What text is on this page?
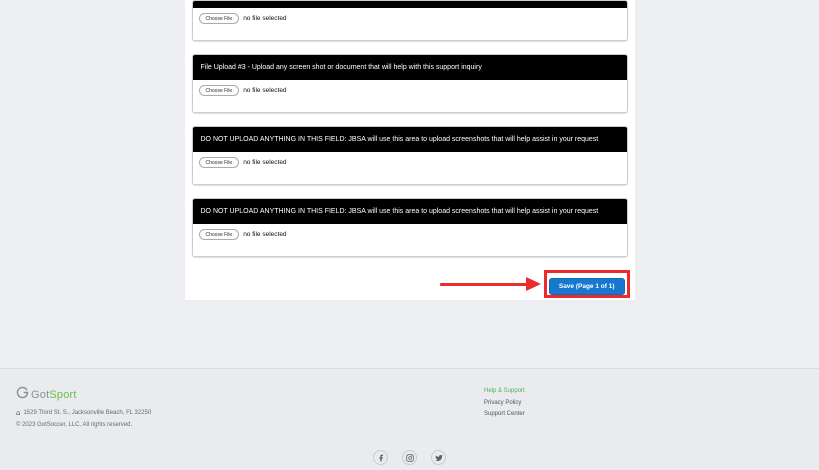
Choose File	no file selected
File Upload #3 - Upload any screen shot or document that will help with this support inquiry
Choose File	no file selected
DO NOT UPLOAD ANYTHING IN THIS FIELD: JBSA will use this area to upload screenshots that will help assist in your request
Choose File	no file selected
DO NOT UPLOAD ANYTHING IN THIS FIELD: JBSA will use this area to upload screenshots that will help assist in your request
Choose File	no file selected
Save (Page 1 of 1)
GotSport
⌂ 1529 Third St. S., Jacksonville Beach, FL 32250
© 2023 GotSoccer, LLC. All rights reserved.
Help & Support
Privacy Policy
Support Center
